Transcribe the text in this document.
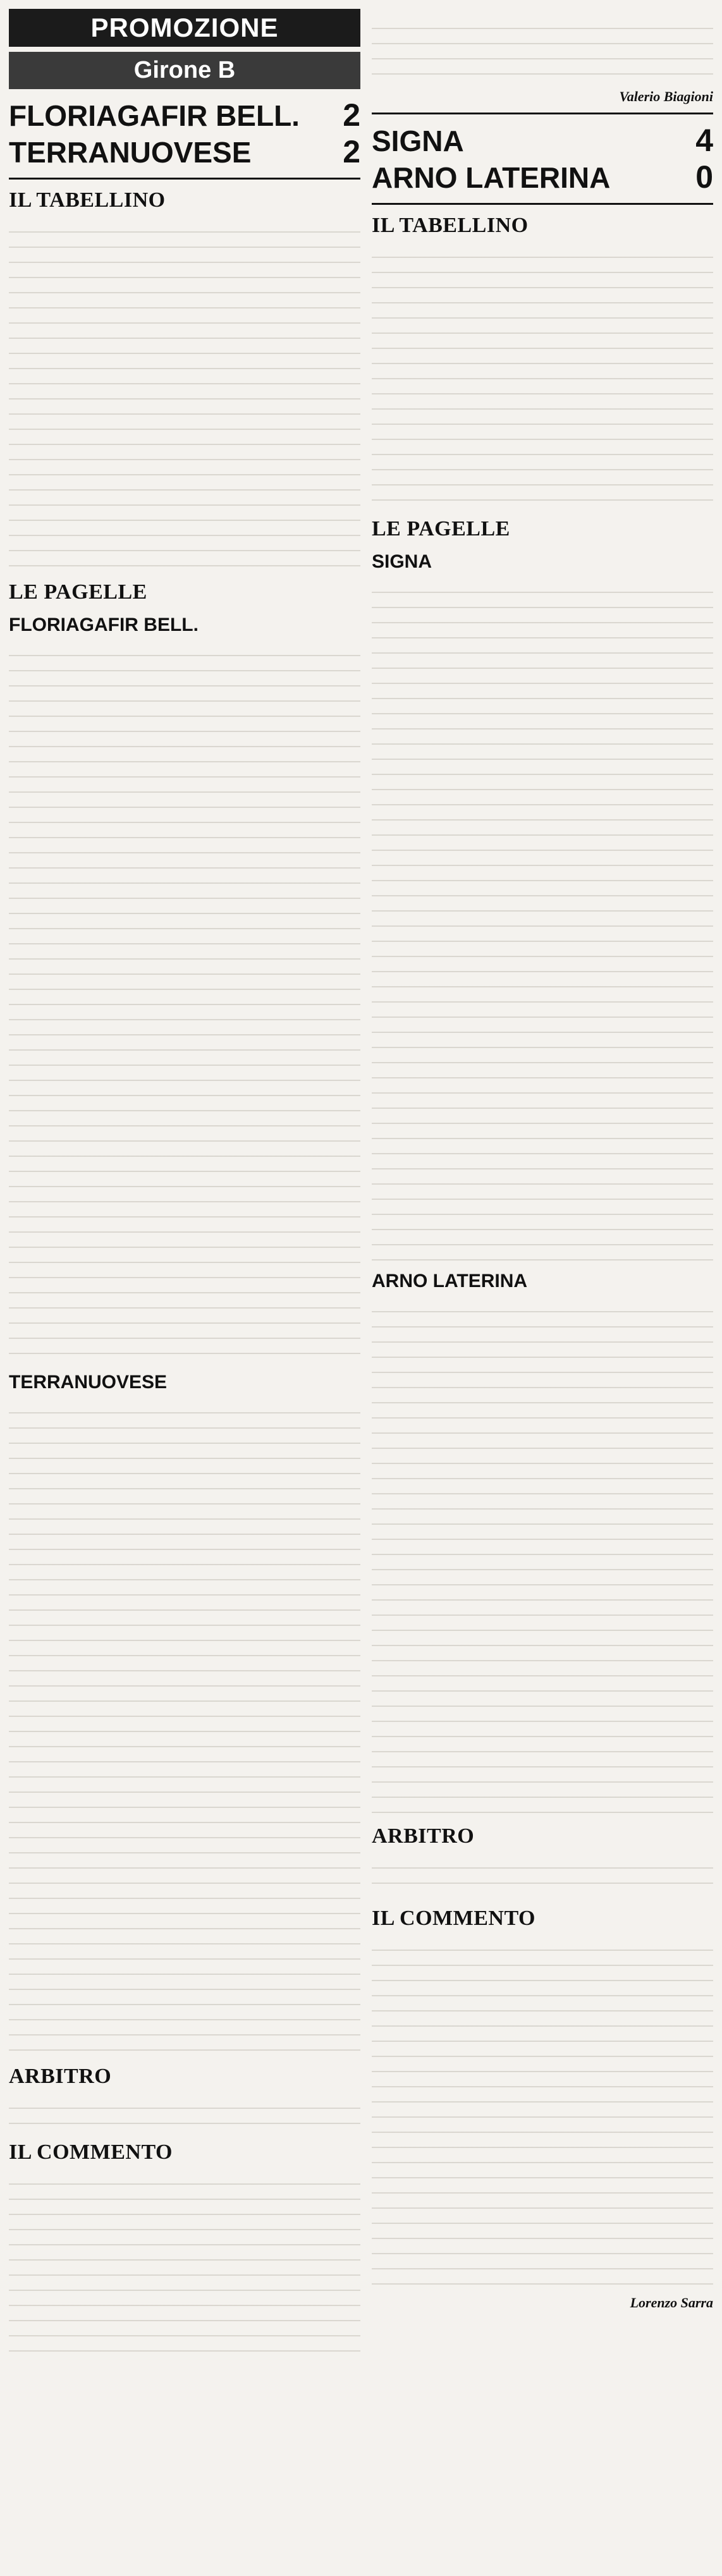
PROMOZIONE
Girone B
FLORIAGAFIR BELL. 2
TERRANUOVESE	2
IL TABELLINO
LE PAGELLE
FLORIAGAFIR BELL.
TERRANUOVESE
ARBITRO
IL COMMENTO
Valerio Biagioni
SIGNA	4
ARNO LATERINA	0
IL TABELLINO
LE PAGELLE
SIGNA
ARNO LATERINA
ARBITRO
IL COMMENTO
Lorenzo Sarra
